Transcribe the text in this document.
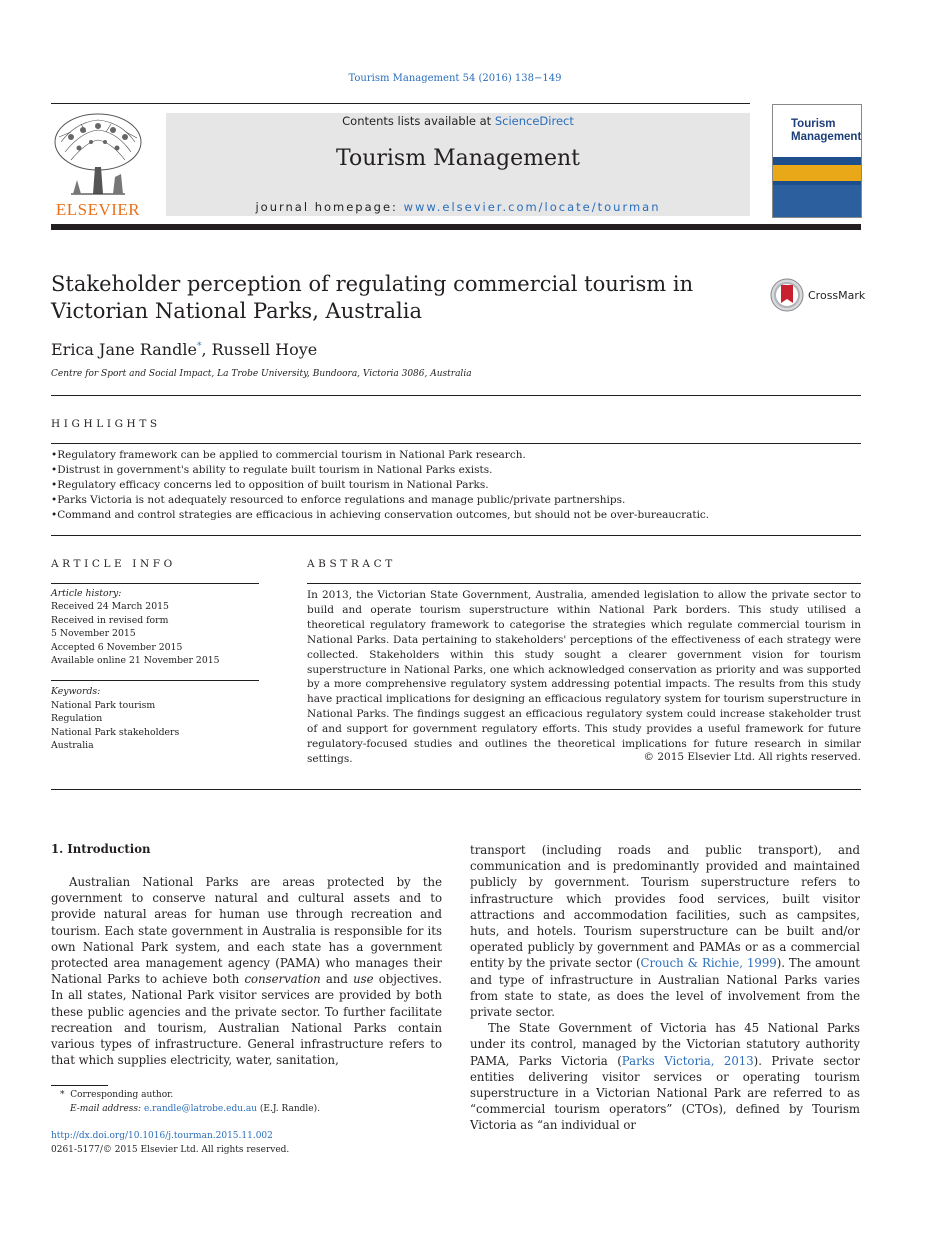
Tourism Management 54 (2016) 138−149
ELSEVIER
Contents lists available at ScienceDirect
Tourism Management
journal homepage: www.elsevier.com/locate/tourman
Tourism
Management
Stakeholder perception of regulating commercial tourism in Victorian National Parks, Australia
CrossMark
Erica Jane Randle*, Russell Hoye
Centre for Sport and Social Impact, La Trobe University, Bundoora, Victoria 3086, Australia
HIGHLIGHTS
• Regulatory framework can be applied to commercial tourism in National Park research.
• Distrust in government's ability to regulate built tourism in National Parks exists.
• Regulatory efficacy concerns led to opposition of built tourism in National Parks.
• Parks Victoria is not adequately resourced to enforce regulations and manage public/private partnerships.
• Command and control strategies are efficacious in achieving conservation outcomes, but should not be over-bureaucratic.
ARTICLE INFO
Article history:
Received 24 March 2015
Received in revised form
5 November 2015
Accepted 6 November 2015
Available online 21 November 2015
Keywords:
National Park tourism
Regulation
National Park stakeholders
Australia
ABSTRACT
In 2013, the Victorian State Government, Australia, amended legislation to allow the private sector to build and operate tourism superstructure within National Park borders. This study utilised a theoretical regulatory framework to categorise the strategies which regulate commercial tourism in National Parks. Data pertaining to stakeholders' perceptions of the effectiveness of each strategy were collected. Stakeholders within this study sought a clearer government vision for tourism superstructure in National Parks, one which acknowledged conservation as priority and was supported by a more comprehensive regulatory system addressing potential impacts. The results from this study have practical implications for designing an efficacious regulatory system for tourism superstructure in National Parks. The findings suggest an efficacious regulatory system could increase stakeholder trust of and support for government regulatory efforts. This study provides a useful framework for future regulatory-focused studies and outlines the theoretical implications for future research in similar settings.	© 2015 Elsevier Ltd. All rights reserved.
1. Introduction

Australian National Parks are areas protected by the government to conserve natural and cultural assets and to provide natural areas for human use through recreation and tourism. Each state government in Australia is responsible for its own National Park system, and each state has a government protected area management agency (PAMA) who manages their National Parks to achieve both conservation and use objectives. In all states, National Park visitor services are provided by both these public agencies and the private sector. To further facilitate recreation and tourism, Australian National Parks contain various types of infrastructure. General infrastructure refers to that which supplies electricity, water, sanitation,

transport (including roads and public transport), and communication and is predominantly provided and maintained publicly by government. Tourism superstructure refers to infrastructure which provides food services, built visitor attractions and accommodation facilities, such as campsites, huts, and hotels. Tourism superstructure can be built and/or operated publicly by government and PAMAs or as a commercial entity by the private sector (Crouch & Richie, 1999). The amount and type of infrastructure in Australian National Parks varies from state to state, as does the level of involvement from the private sector.

The State Government of Victoria has 45 National Parks under its control, managed by the Victorian statutory authority PAMA, Parks Victoria (Parks Victoria, 2013). Private sector entities delivering visitor services or operating tourism superstructure in a Victorian National Park are referred to as “commercial tourism operators” (CTOs), defined by Tourism Victoria as “an individual or

* Corresponding author.
E-mail address: e.randle@latrobe.edu.au (E.J. Randle).
http://dx.doi.org/10.1016/j.tourman.2015.11.002
0261-5177/© 2015 Elsevier Ltd. All rights reserved.
